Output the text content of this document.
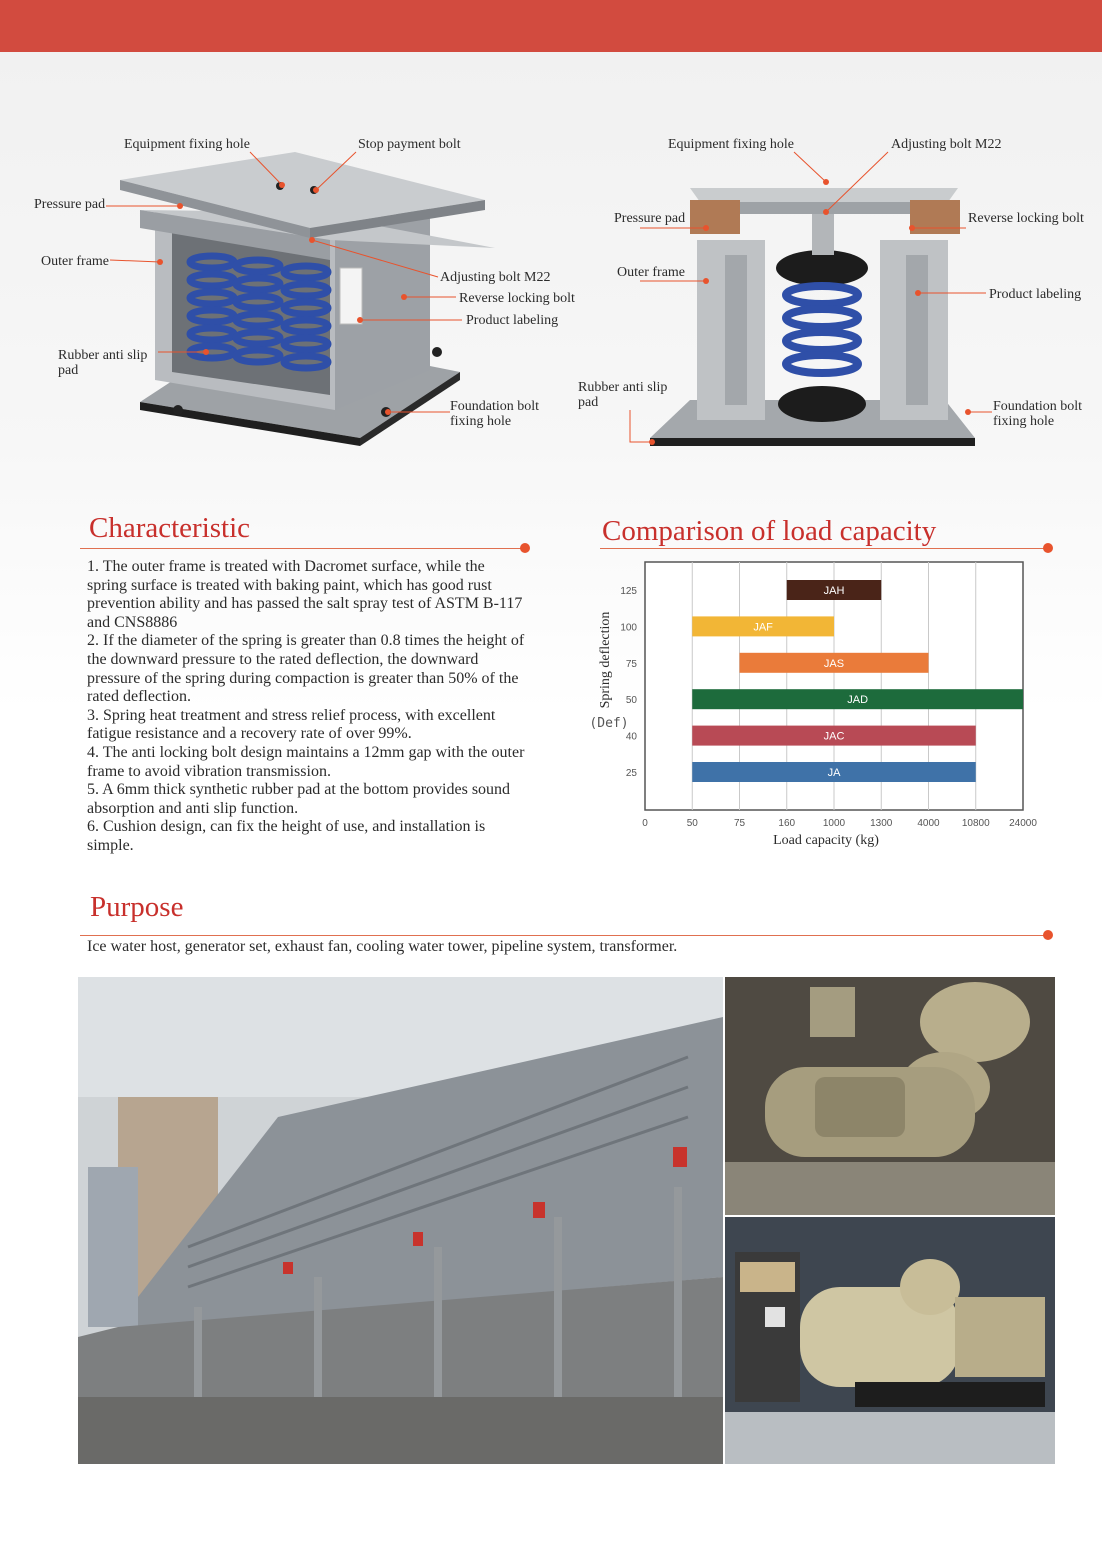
Equipment fixing hole	Stop payment bolt
Pressure pad
Outer frame
Adjusting bolt M22
Reverse locking bolt
Product labeling
Rubber anti slip
pad
Foundation bolt
fixing hole
Equipment fixing hole	Adjusting bolt M22
Pressure pad	Reverse locking bolt
Outer frame
Product labeling
Rubber anti slip
pad	Foundation bolt
fixing hole
Characteristic

1. The outer frame is treated with Dacromet surface, while the spring surface is treated with baking paint, which has good rust prevention ability and has passed the salt spray test of ASTM B-117 and CNS8886

2. If the diameter of the spring is greater than 0.8 times the height of the downward pressure to the rated deflection, the downward pressure of the spring during compaction is greater than 50% of the rated deflection.

3. Spring heat treatment and stress relief process, with excellent fatigue resistance and a recovery rate of over 99%.

4. The anti locking bolt design maintains a 12mm gap with the outer frame to avoid vibration transmission.

5. A 6mm thick synthetic rubber pad at the bottom provides sound absorption and anti slip function.

6. Cushion design, can fix the height of use, and installation is simple.

Comparison of load capacity
JAH
JAF
JAS
JAD
JAC
JA
0	50	75	160	1000	1300	4000 10800 24000
125
100
75
50
40
25
Load capacity (kg)
Spring deflection
(Def)
Purpose
Ice water host, generator set, exhaust fan, cooling water tower, pipeline system, transformer.
